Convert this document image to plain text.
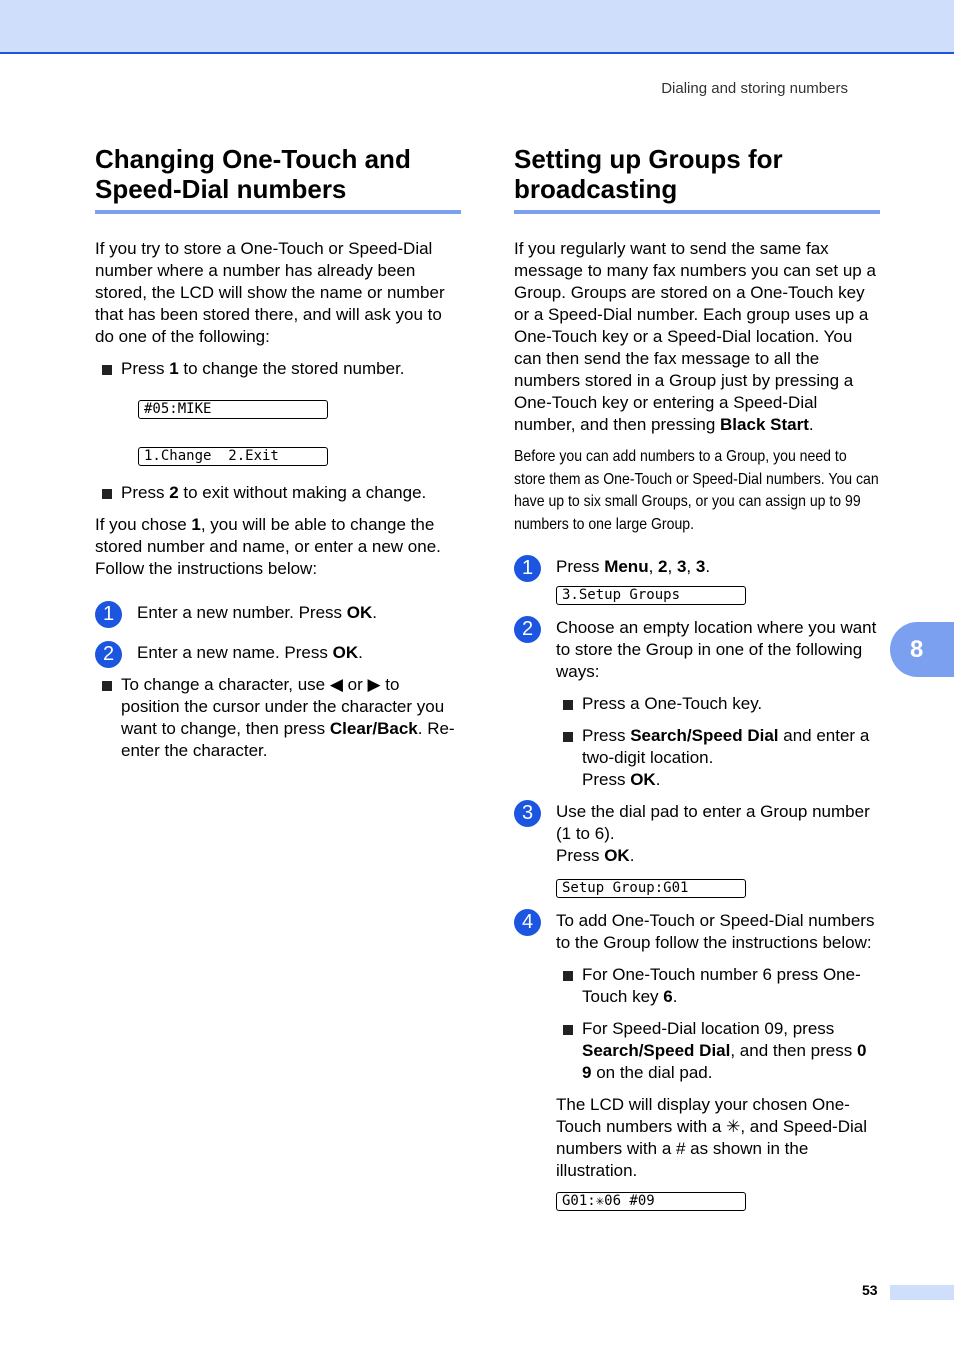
Dialing and storing numbers
Changing One-Touch and
Speed-Dial numbers

If you try to store a One-Touch or Speed-Dial number where a number has already been stored, the LCD will show the name or number that has been stored there, and will ask you to do one of the following:

Press 1 to change the stored number.
#05:MIKE
1.Change  2.Exit
Press 2 to exit without making a change.

If you chose 1, you will be able to change the stored number and name, or enter a new one. Follow the instructions below:

1	Enter a new number. Press OK.
2	Enter a new name. Press OK.
To change a character, use ◀ or ▶ to position the cursor under the character you want to change, then press Clear/Back. Re-enter the character.
Setting up Groups for
broadcasting

If you regularly want to send the same fax message to many fax numbers you can set up a Group. Groups are stored on a One-Touch key or a Speed-Dial number. Each group uses up a One-Touch key or a Speed-Dial location. You can then send the fax message to all the numbers stored in a Group just by pressing a One-Touch key or entering a Speed-Dial number, and then pressing Black Start.

Before you can add numbers to a Group, you need to store them as One-Touch or Speed-Dial numbers. You can have up to six small Groups, or you can assign up to 99 numbers to one large Group.
1	Press Menu, 2, 3, 3.
3.Setup Groups
2	Choose an empty location where you want to store the Group in one of the following ways:
Press a One-Touch key.
Press Search/Speed Dial and enter a two-digit location.
Press OK.
3	Use the dial pad to enter a Group number (1 to 6).
Press OK.
Setup Group:G01
4	To add One-Touch or Speed-Dial numbers to the Group follow the instructions below:
For One-Touch number 6 press One-Touch key 6.
For Speed-Dial location 09, press Search/Speed Dial, and then press 0 9 on the dial pad.

The LCD will display your chosen One-Touch numbers with a ✳, and Speed-Dial numbers with a # as shown in the illustration.

G01:✳06 #09
8
53
